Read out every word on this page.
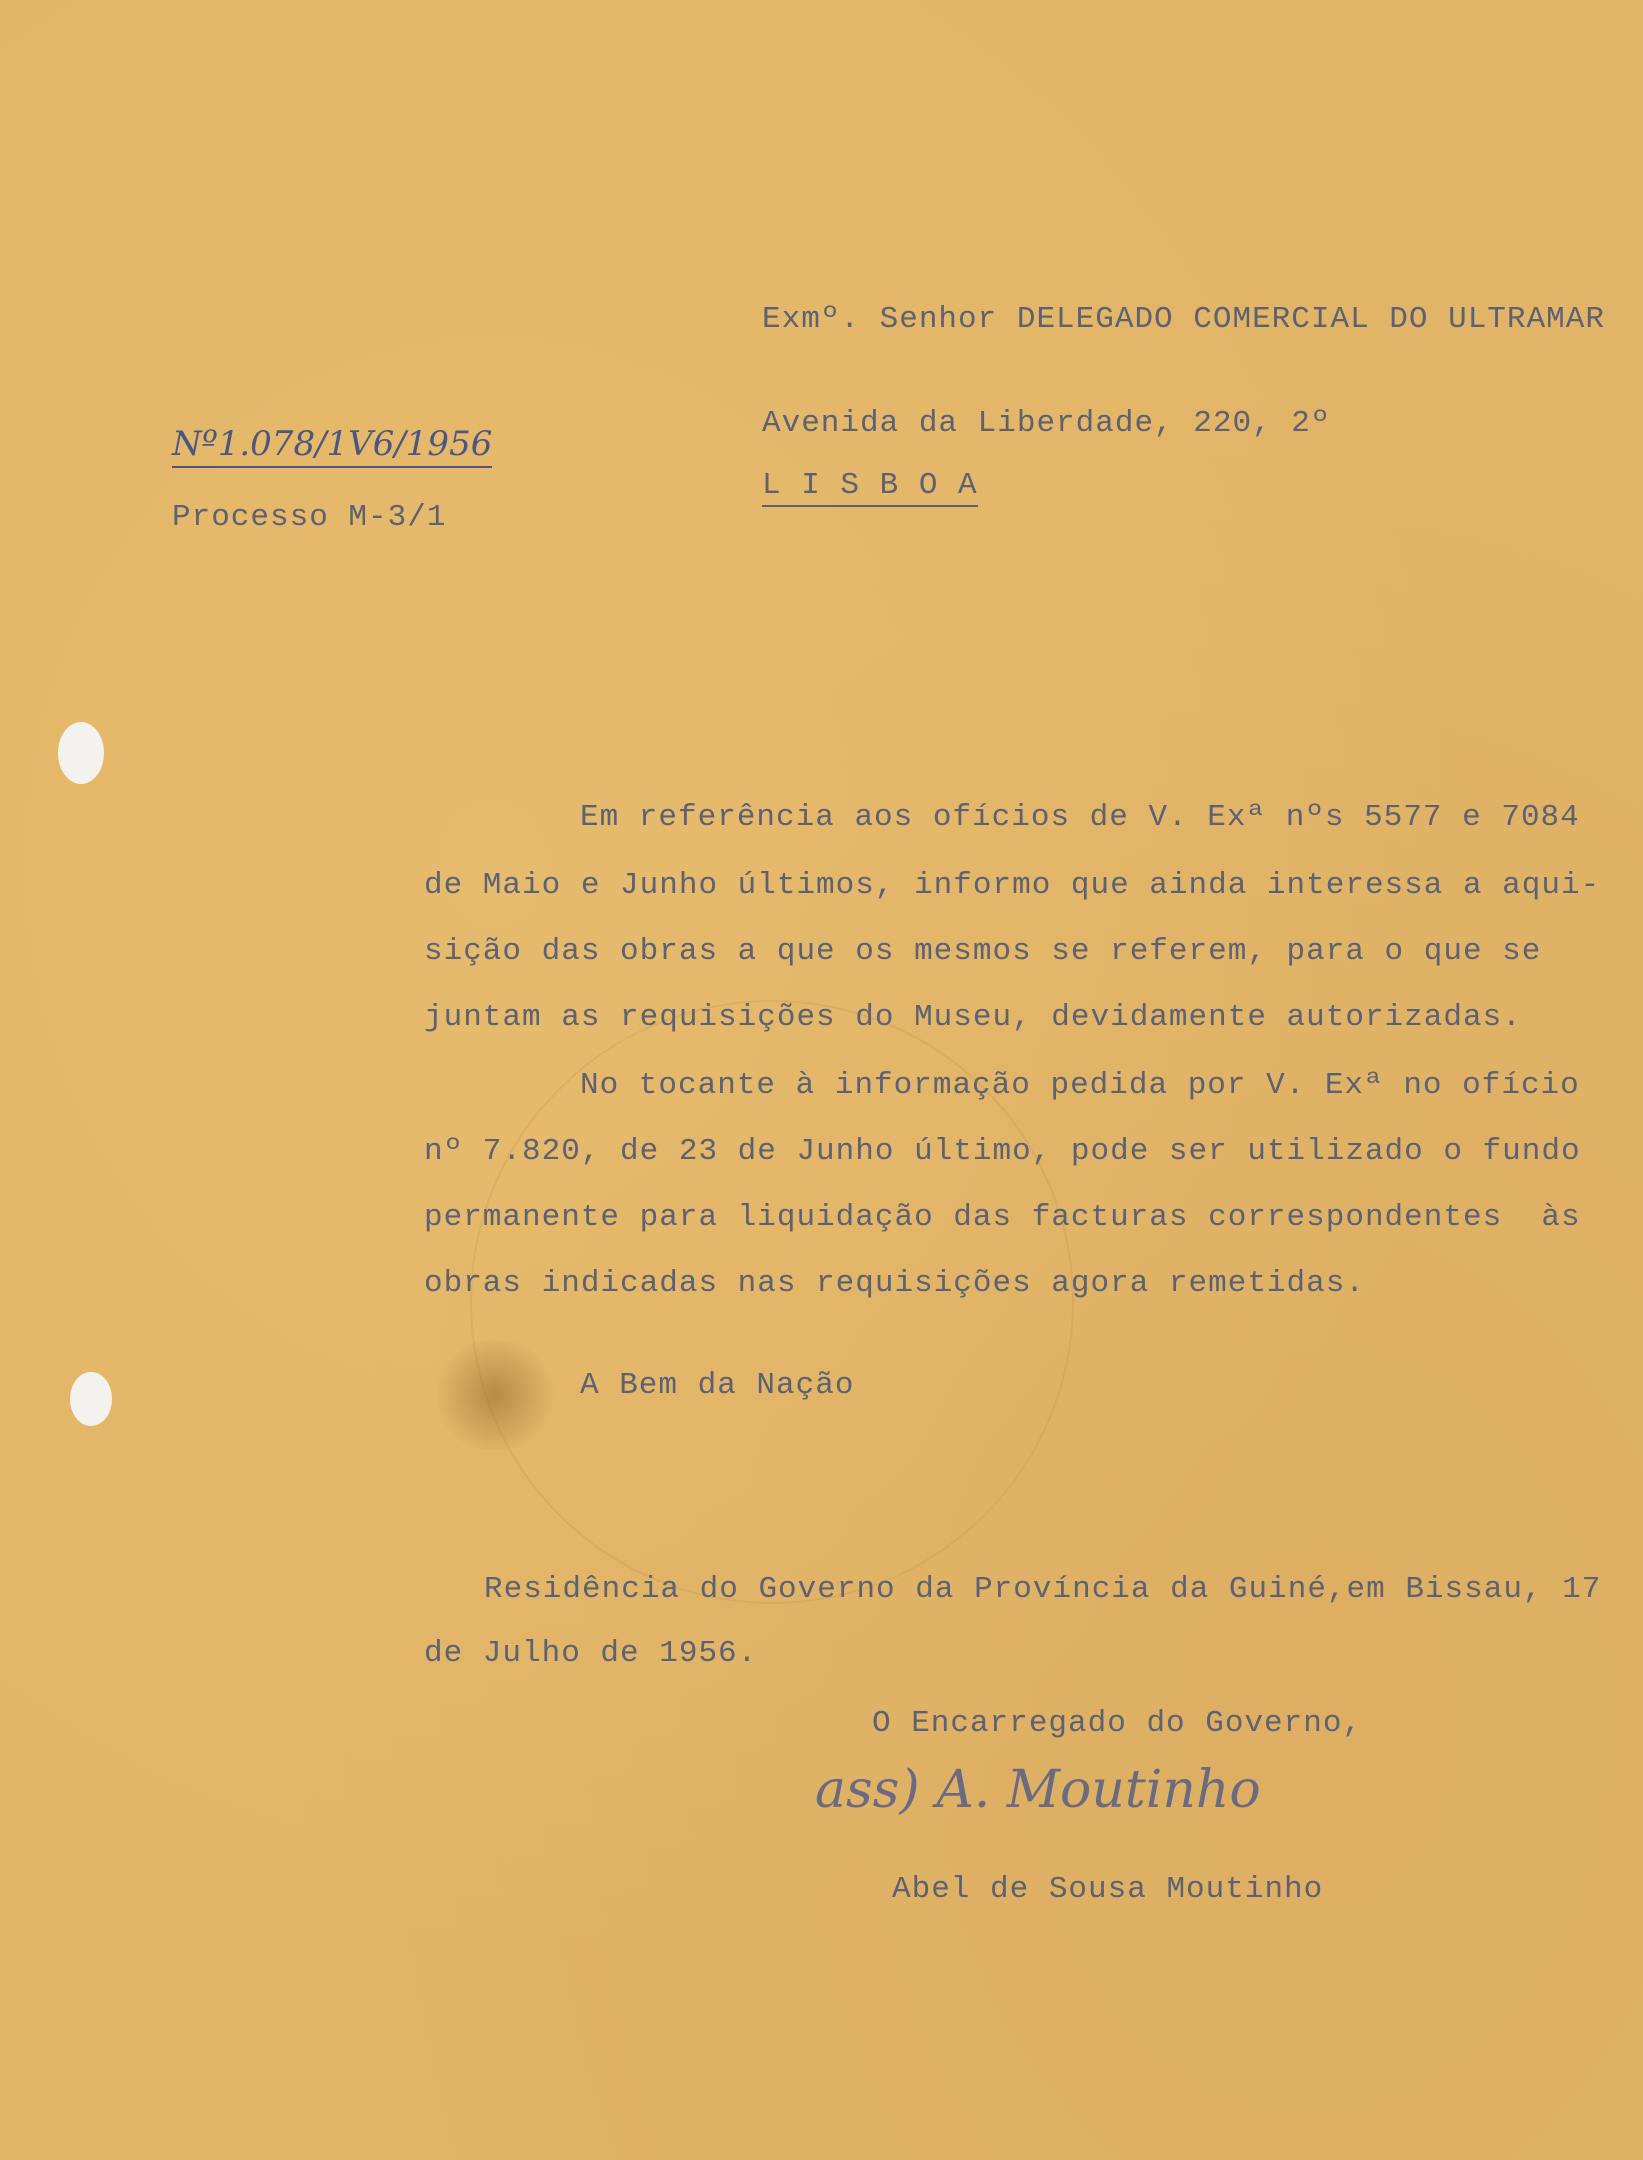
Exmº. Senhor DELEGADO COMERCIAL DO ULTRAMAR
Avenida da Liberdade, 220, 2º
L I S B O A
Nº1.078/1V6/1956
Processo M-3/1
Em referência aos ofícios de V. Exª nºs 5577 e 7084
de Maio e Junho últimos, informo que ainda interessa a aqui-
sição das obras a que os mesmos se referem, para o que se
juntam as requisições do Museu, devidamente autorizadas.
No tocante à informação pedida por V. Exª no ofício
nº 7.820, de 23 de Junho último, pode ser utilizado o fundo
permanente para liquidação das facturas correspondentes  às
obras indicadas nas requisições agora remetidas.
A Bem da Nação
Residência do Governo da Província da Guiné,em Bissau, 17
de Julho de 1956.
O Encarregado do Governo,
ass) A. Moutinho
Abel de Sousa Moutinho
